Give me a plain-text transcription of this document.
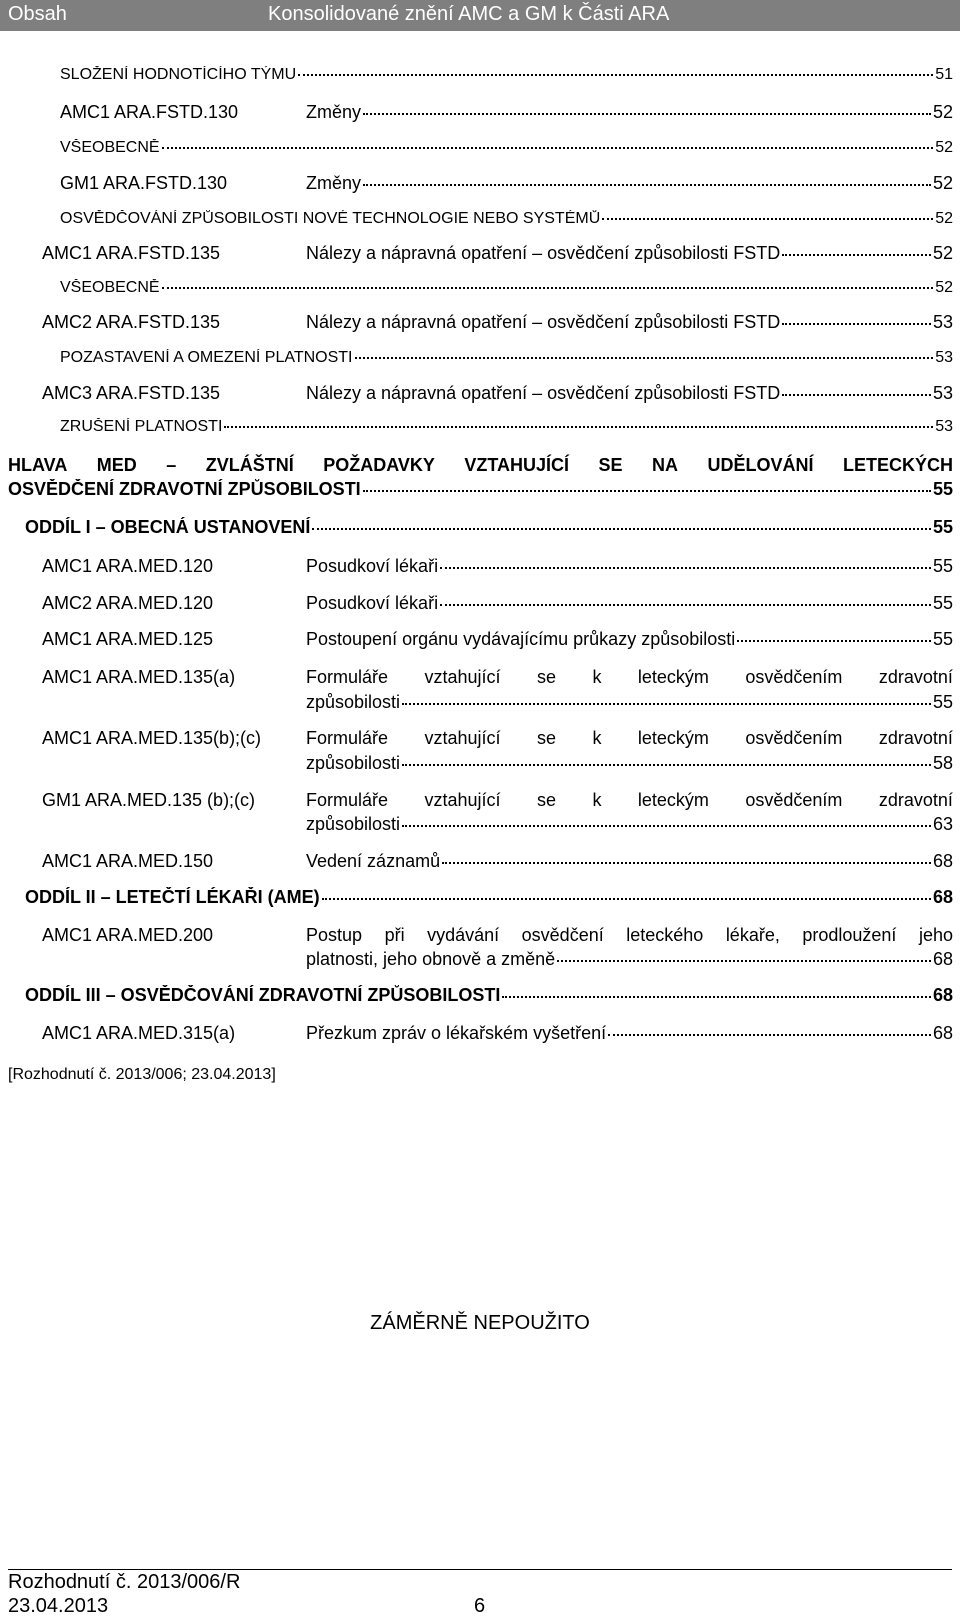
Obsah	Konsolidované znění AMC a GM k Části ARA
SLOŽENÍ HODNOTÍCÍHO TÝMU	51
AMC1 ARA.FSTD.130	Změny	52
VŠEOBECNĚ	52
GM1 ARA.FSTD.130	Změny	52
OSVĚDČOVÁNÍ ZPŮSOBILOSTI NOVÉ TECHNOLOGIE NEBO SYSTÉMŮ	52
AMC1 ARA.FSTD.135	Nálezy a nápravná opatření – osvědčení způsobilosti FSTD	52
VŠEOBECNĚ	52
AMC2 ARA.FSTD.135	Nálezy a nápravná opatření – osvědčení způsobilosti FSTD	53
POZASTAVENÍ A OMEZENÍ PLATNOSTI	53
AMC3 ARA.FSTD.135	Nálezy a nápravná opatření – osvědčení způsobilosti FSTD	53
ZRUŠENÍ PLATNOSTI	53
HLAVA MED – ZVLÁŠTNÍ POŽADAVKY VZTAHUJÍCÍ SE NA UDĚLOVÁNÍ LETECKÝCH
OSVĚDČENÍ ZDRAVOTNÍ ZPŮSOBILOSTI	55
ODDÍL I – OBECNÁ USTANOVENÍ	55
AMC1 ARA.MED.120	Posudkoví lékaři	55
AMC2 ARA.MED.120	Posudkoví lékaři	55
AMC1 ARA.MED.125	Postoupení orgánu vydávajícímu průkazy způsobilosti	55
AMC1 ARA.MED.135(a)	Formuláře vztahující se k leteckým osvědčením zdravotní
způsobilosti	55
AMC1 ARA.MED.135(b);(c) Formuláře vztahující se k leteckým osvědčením zdravotní
způsobilosti	58
GM1 ARA.MED.135 (b);(c)	Formuláře vztahující se k leteckým osvědčením zdravotní
způsobilosti	63
AMC1 ARA.MED.150	Vedení záznamů	68
ODDÍL II – LETEČTÍ LÉKAŘI (AME)	68
AMC1 ARA.MED.200	Postup při vydávání osvědčení leteckého lékaře, prodloužení jeho
platnosti, jeho obnově a změně	68
ODDÍL III – OSVĚDČOVÁNÍ ZDRAVOTNÍ ZPŮSOBILOSTI	68
AMC1 ARA.MED.315(a)	Přezkum zpráv o lékařském vyšetření	68
[Rozhodnutí č. 2013/006; 23.04.2013]
ZÁMĚRNĚ NEPOUŽITO
Rozhodnutí č. 2013/006/R
23.04.2013	6
